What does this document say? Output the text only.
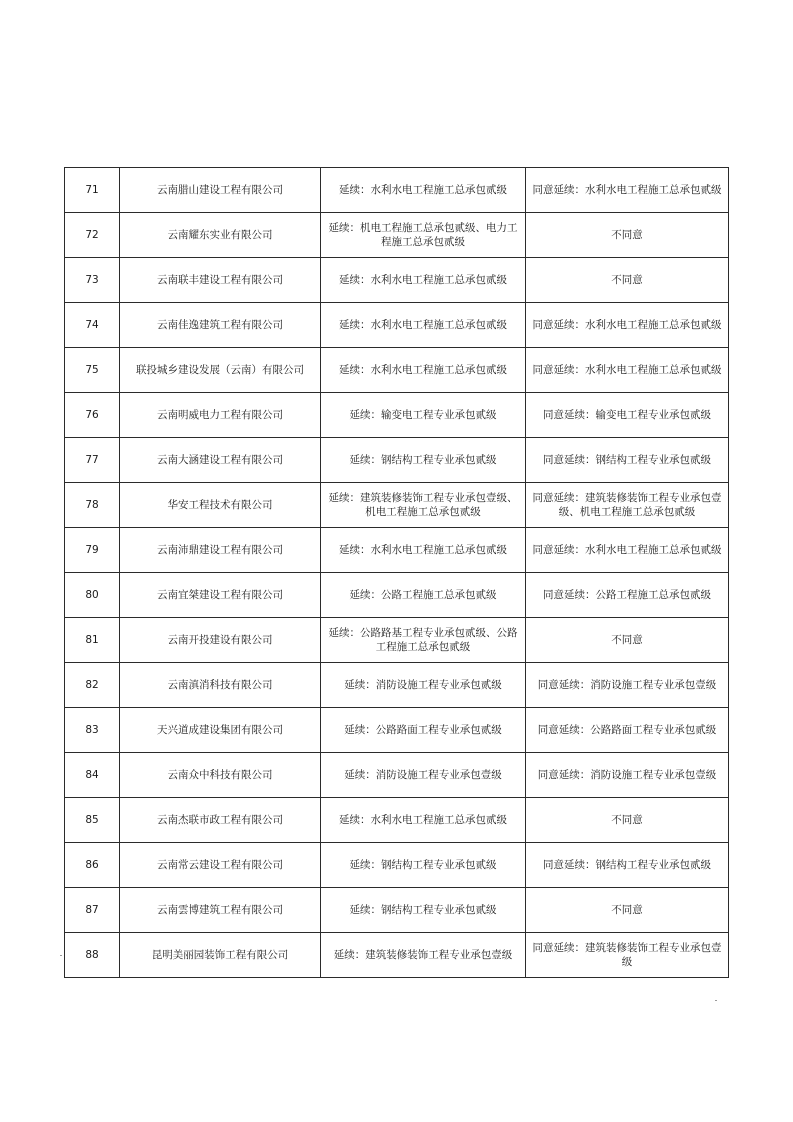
71	云南腊山建设工程有限公司	延续：水利水电工程施工总承包贰级	同意延续：水利水电工程施工总承包贰级
72	云南耀东实业有限公司	延续：机电工程施工总承包贰级、电力工程施工总承包贰级	不同意
73	云南联丰建设工程有限公司	延续：水利水电工程施工总承包贰级	不同意
74	云南佳逸建筑工程有限公司	延续：水利水电工程施工总承包贰级	同意延续：水利水电工程施工总承包贰级
75	联投城乡建设发展（云南）有限公司	延续：水利水电工程施工总承包贰级	同意延续：水利水电工程施工总承包贰级
76	云南明威电力工程有限公司	延续：输变电工程专业承包贰级	同意延续：输变电工程专业承包贰级
77	云南大涵建设工程有限公司	延续：钢结构工程专业承包贰级	同意延续：钢结构工程专业承包贰级
78	华安工程技术有限公司	延续：建筑装修装饰工程专业承包壹级、机电工程施工总承包贰级	同意延续：建筑装修装饰工程专业承包壹级、机电工程施工总承包贰级
79	云南沛鼎建设工程有限公司	延续：水利水电工程施工总承包贰级	同意延续：水利水电工程施工总承包贰级
80	云南宜桀建设工程有限公司	延续：公路工程施工总承包贰级	同意延续：公路工程施工总承包贰级
81	云南开投建设有限公司	延续：公路路基工程专业承包贰级、公路工程施工总承包贰级	不同意
82	云南滇消科技有限公司	延续：消防设施工程专业承包贰级	同意延续：消防设施工程专业承包壹级
83	天兴道成建设集团有限公司	延续：公路路面工程专业承包贰级	同意延续：公路路面工程专业承包贰级
84	云南众中科技有限公司	延续：消防设施工程专业承包壹级	同意延续：消防设施工程专业承包壹级
85	云南杰联市政工程有限公司	延续：水利水电工程施工总承包贰级	不同意
86	云南常云建设工程有限公司	延续：钢结构工程专业承包贰级	同意延续：钢结构工程专业承包贰级
87	云南雲博建筑工程有限公司	延续：钢结构工程专业承包贰级	不同意
88	昆明美丽园装饰工程有限公司	延续：建筑装修装饰工程专业承包壹级	同意延续：建筑装修装饰工程专业承包壹级
